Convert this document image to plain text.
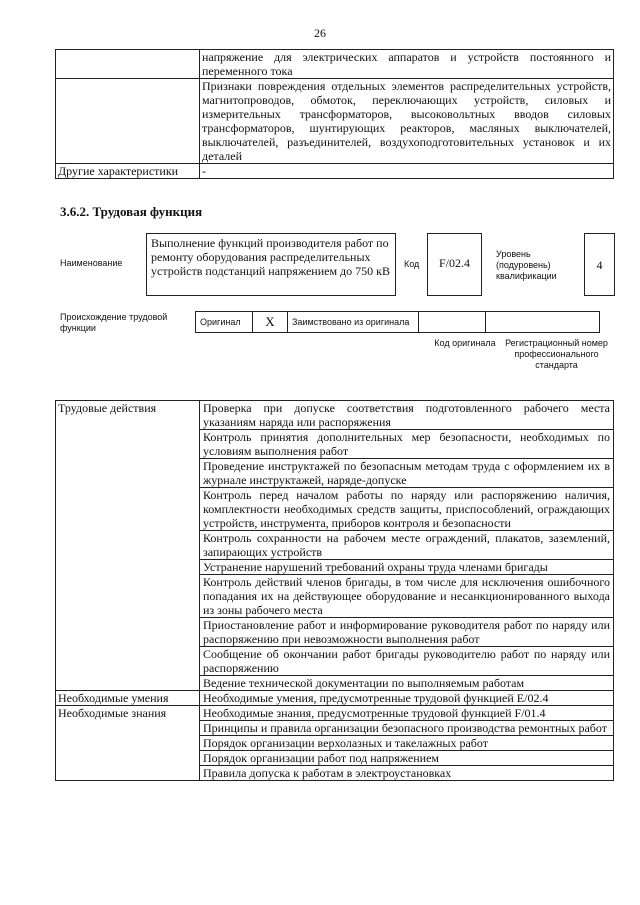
26
	напряжение для электрических аппаратов и устройств постоянного и переменного тока
	Признаки повреждения отдельных элементов распределительных устройств, магнитопроводов, обмоток, переключающих устройств, силовых и измерительных трансформаторов, высоковольтных вводов силовых трансформаторов, шунтирующих реакторов, масляных выключателей, выключателей, разъединителей, воздухоподготовительных установок и их деталей
Другие характеристики	-
3.6.2. Трудовая функция
Наименование
Выполнение функций производителя работ по ремонту оборудования распределительных устройств подстанций напряжением до 750 кВ	Код	F/02.4
Уровень (подуровень) квалификации
4
Происхождение трудовой функции
Оригинал	X	Заимствовано из оригинала

Код оригинала	Регистрационный номер профессионального стандарта
Трудовые действия	Проверка при допуске соответствия подготовленного рабочего места указаниям наряда или распоряжения
	Контроль принятия дополнительных мер безопасности, необходимых по условиям выполнения работ
	Проведение инструктажей по безопасным методам труда с оформлением их в журнале инструктажей, наряде-допуске
	Контроль перед началом работы по наряду или распоряжению наличия, комплектности необходимых средств защиты, приспособлений, ограждающих устройств, инструмента, приборов контроля и безопасности
	Контроль сохранности на рабочем месте ограждений, плакатов, заземлений, запирающих устройств
	Устранение нарушений требований охраны труда членами бригады
	Контроль действий членов бригады, в том числе для исключения ошибочного попадания их на действующее оборудование и несанкционированного выхода из зоны рабочего места
	Приостановление работ и информирование руководителя работ по наряду или распоряжению при невозможности выполнения работ
	Сообщение об окончании работ бригады руководителю работ по наряду или распоряжению
	Ведение технической документации по выполняемым работам
Необходимые умения	Необходимые умения, предусмотренные трудовой функцией E/02.4
Необходимые знания	Необходимые знания, предусмотренные трудовой функцией F/01.4
	Принципы и правила организации безопасного производства ремонтных работ
	Порядок организации верхолазных и такелажных работ
	Порядок организации работ под напряжением
	Правила допуска к работам в электроустановках
